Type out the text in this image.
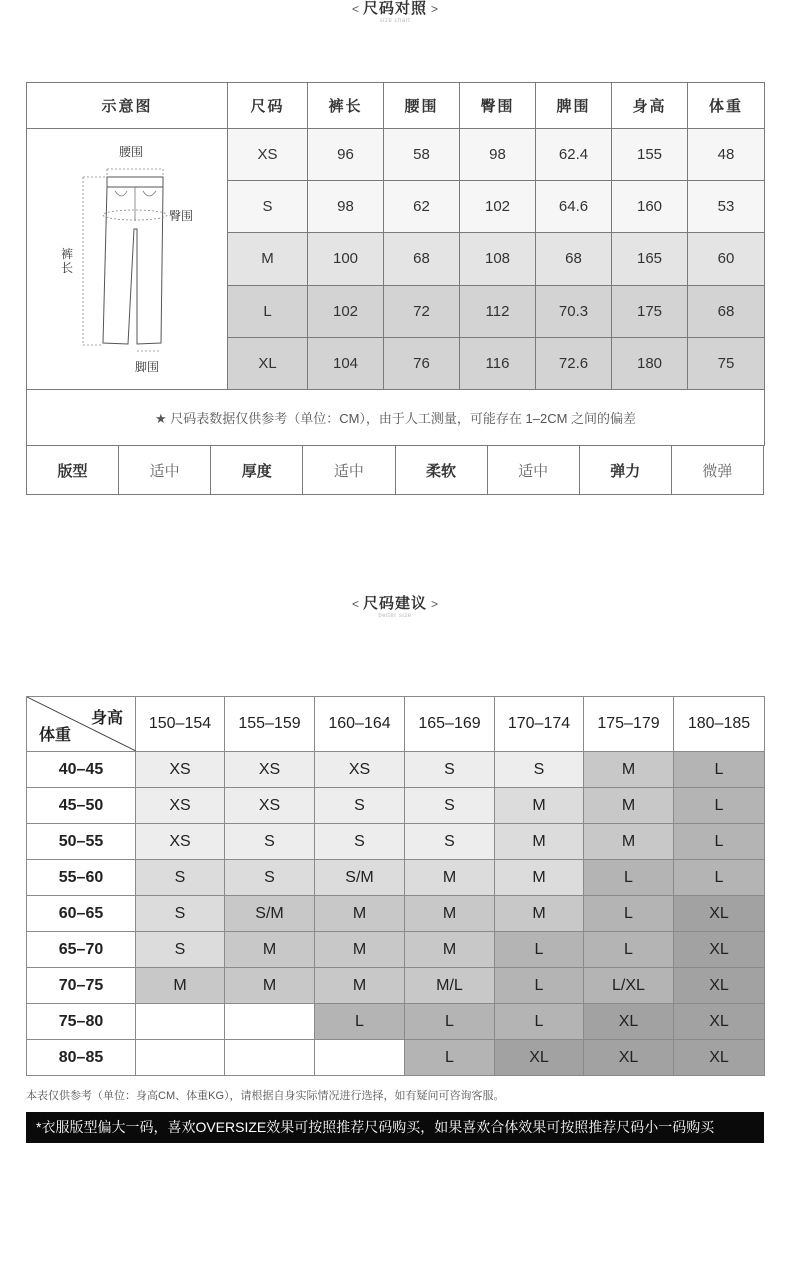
< 尺码对照 >
size chart
示意图	尺码	裤长	腰围	臀围	脾围	身高	体重

腰围
臀围
裤长
脚围	XS	96	58	98	62.4	155	48
	S	98	62	102	64.6	160	53
	M	100	68	108	68	165	60
	L	102	72	112	70.3	175	68
	XL	104	76	116	72.6	180	75
★ 尺码表数据仅供参考（单位：CM），由于人工测量，可能存在 1–2CM 之间的偏差							
版型	适中	厚度	适中	柔软	适中	弹力	微弹
< 尺码建议 >
better size
身高
体重	150–154	155–159	160–164	165–169	170–174	175–179	180–185
40–45	XS	XS	XS	S	S	M	L
45–50	XS	XS	S	S	M	M	L
50–55	XS	S	S	S	M	M	L
55–60	S	S	S/M	M	M	L	L
60–65	S	S/M	M	M	M	L	XL
65–70	S	M	M	M	L	L	XL
70–75	M	M	M	M/L	L	L/XL	XL
75–80			L	L	L	XL	XL
80–85				L	XL	XL	XL
本表仅供参考（单位：身高CM、体重KG），请根据自身实际情况进行选择，如有疑问可咨询客服。
*衣服版型偏大一码，喜欢OVERSIZE效果可按照推荐尺码购买，如果喜欢合体效果可按照推荐尺码小一码购买
